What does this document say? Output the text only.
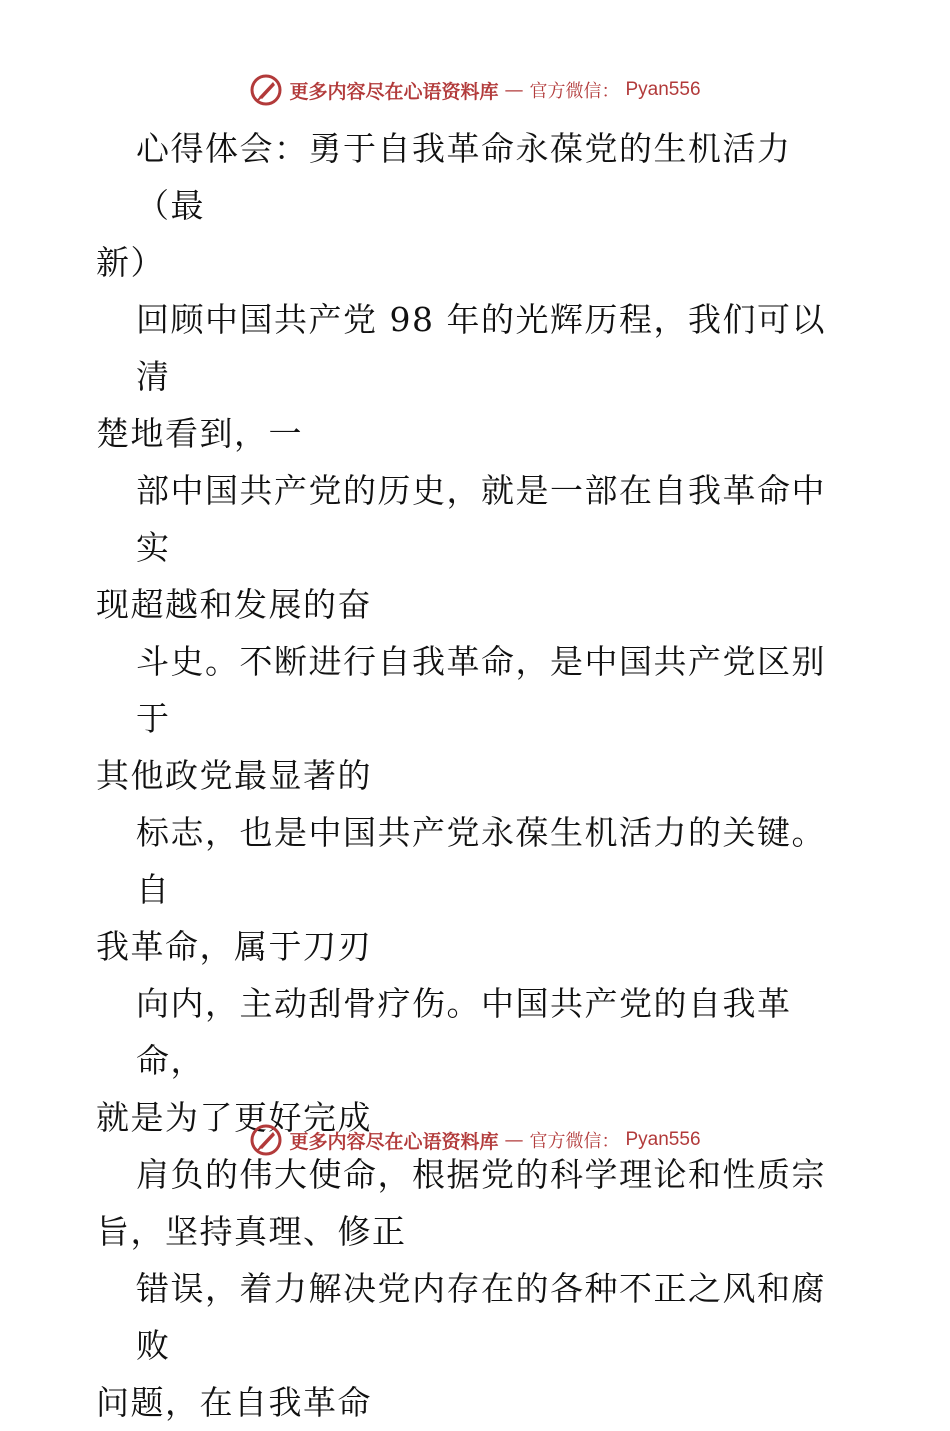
更多内容尽在心语资料库 — 官方微信： Pyan556

心得体会：勇于自我革命永葆党的生机活力（最
新）

回顾中国共产党 98 年的光辉历程，我们可以清
楚地看到，一

部中国共产党的历史，就是一部在自我革命中实
现超越和发展的奋

斗史。不断进行自我革命，是中国共产党区别于
其他政党最显著的

标志，也是中国共产党永葆生机活力的关键。自
我革命，属于刀刃

向内，主动刮骨疗伤。中国共产党的自我革命，
就是为了更好完成

肩负的伟大使命，根据党的科学理论和性质宗
旨，坚持真理、修正

错误，着力解决党内存在的各种不正之风和腐败
问题，在自我革命

更多内容尽在心语资料库 — 官方微信： Pyan556
